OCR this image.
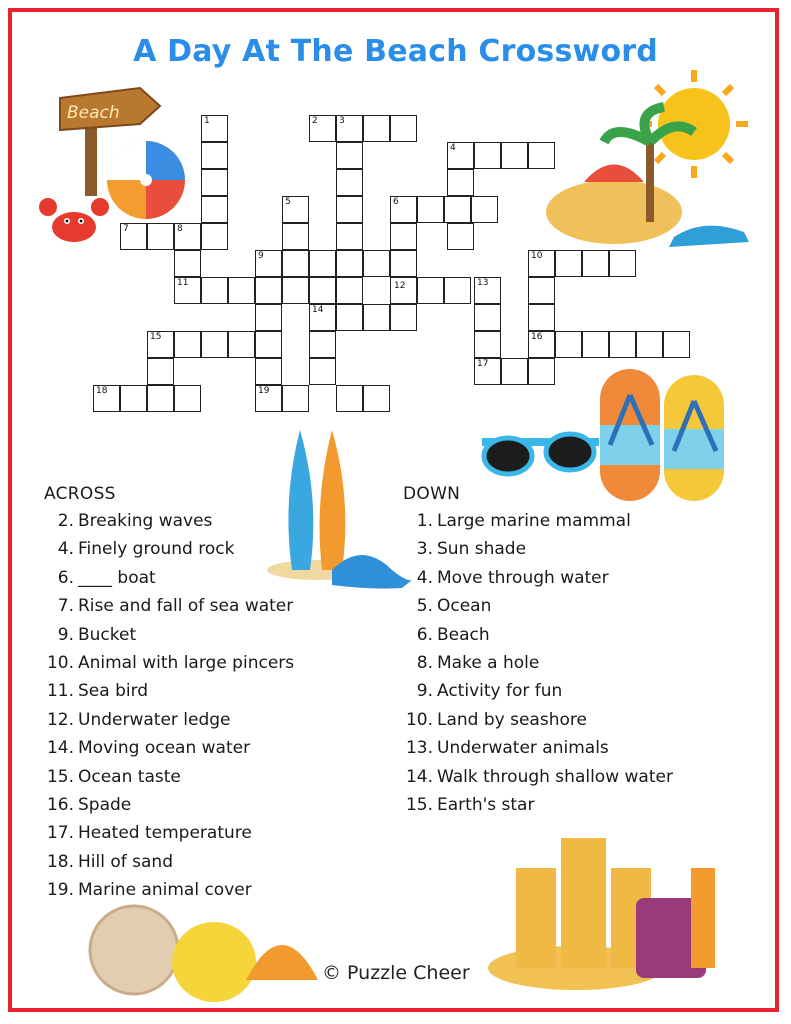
A Day At The Beach Crossword
Beach	1	2 3
4
5	6
7	8
11
9	10
13
12
14
15	16
17
18	19
ACROSS
2. Breaking waves
4. Finely ground rock
6. ____ boat
7. Rise and fall of sea water
9. Bucket
10. Animal with large pincers
11. Sea bird
12. Underwater ledge
14. Moving ocean water
15. Ocean taste
16. Spade
17. Heated temperature
18. Hill of sand
19. Marine animal cover
DOWN
1. Large marine mammal
3. Sun shade
4. Move through water
5. Ocean
6. Beach
8. Make a hole
9. Activity for fun
10. Land by seashore
13. Underwater animals
14. Walk through shallow water
15. Earth's star
© Puzzle Cheer
